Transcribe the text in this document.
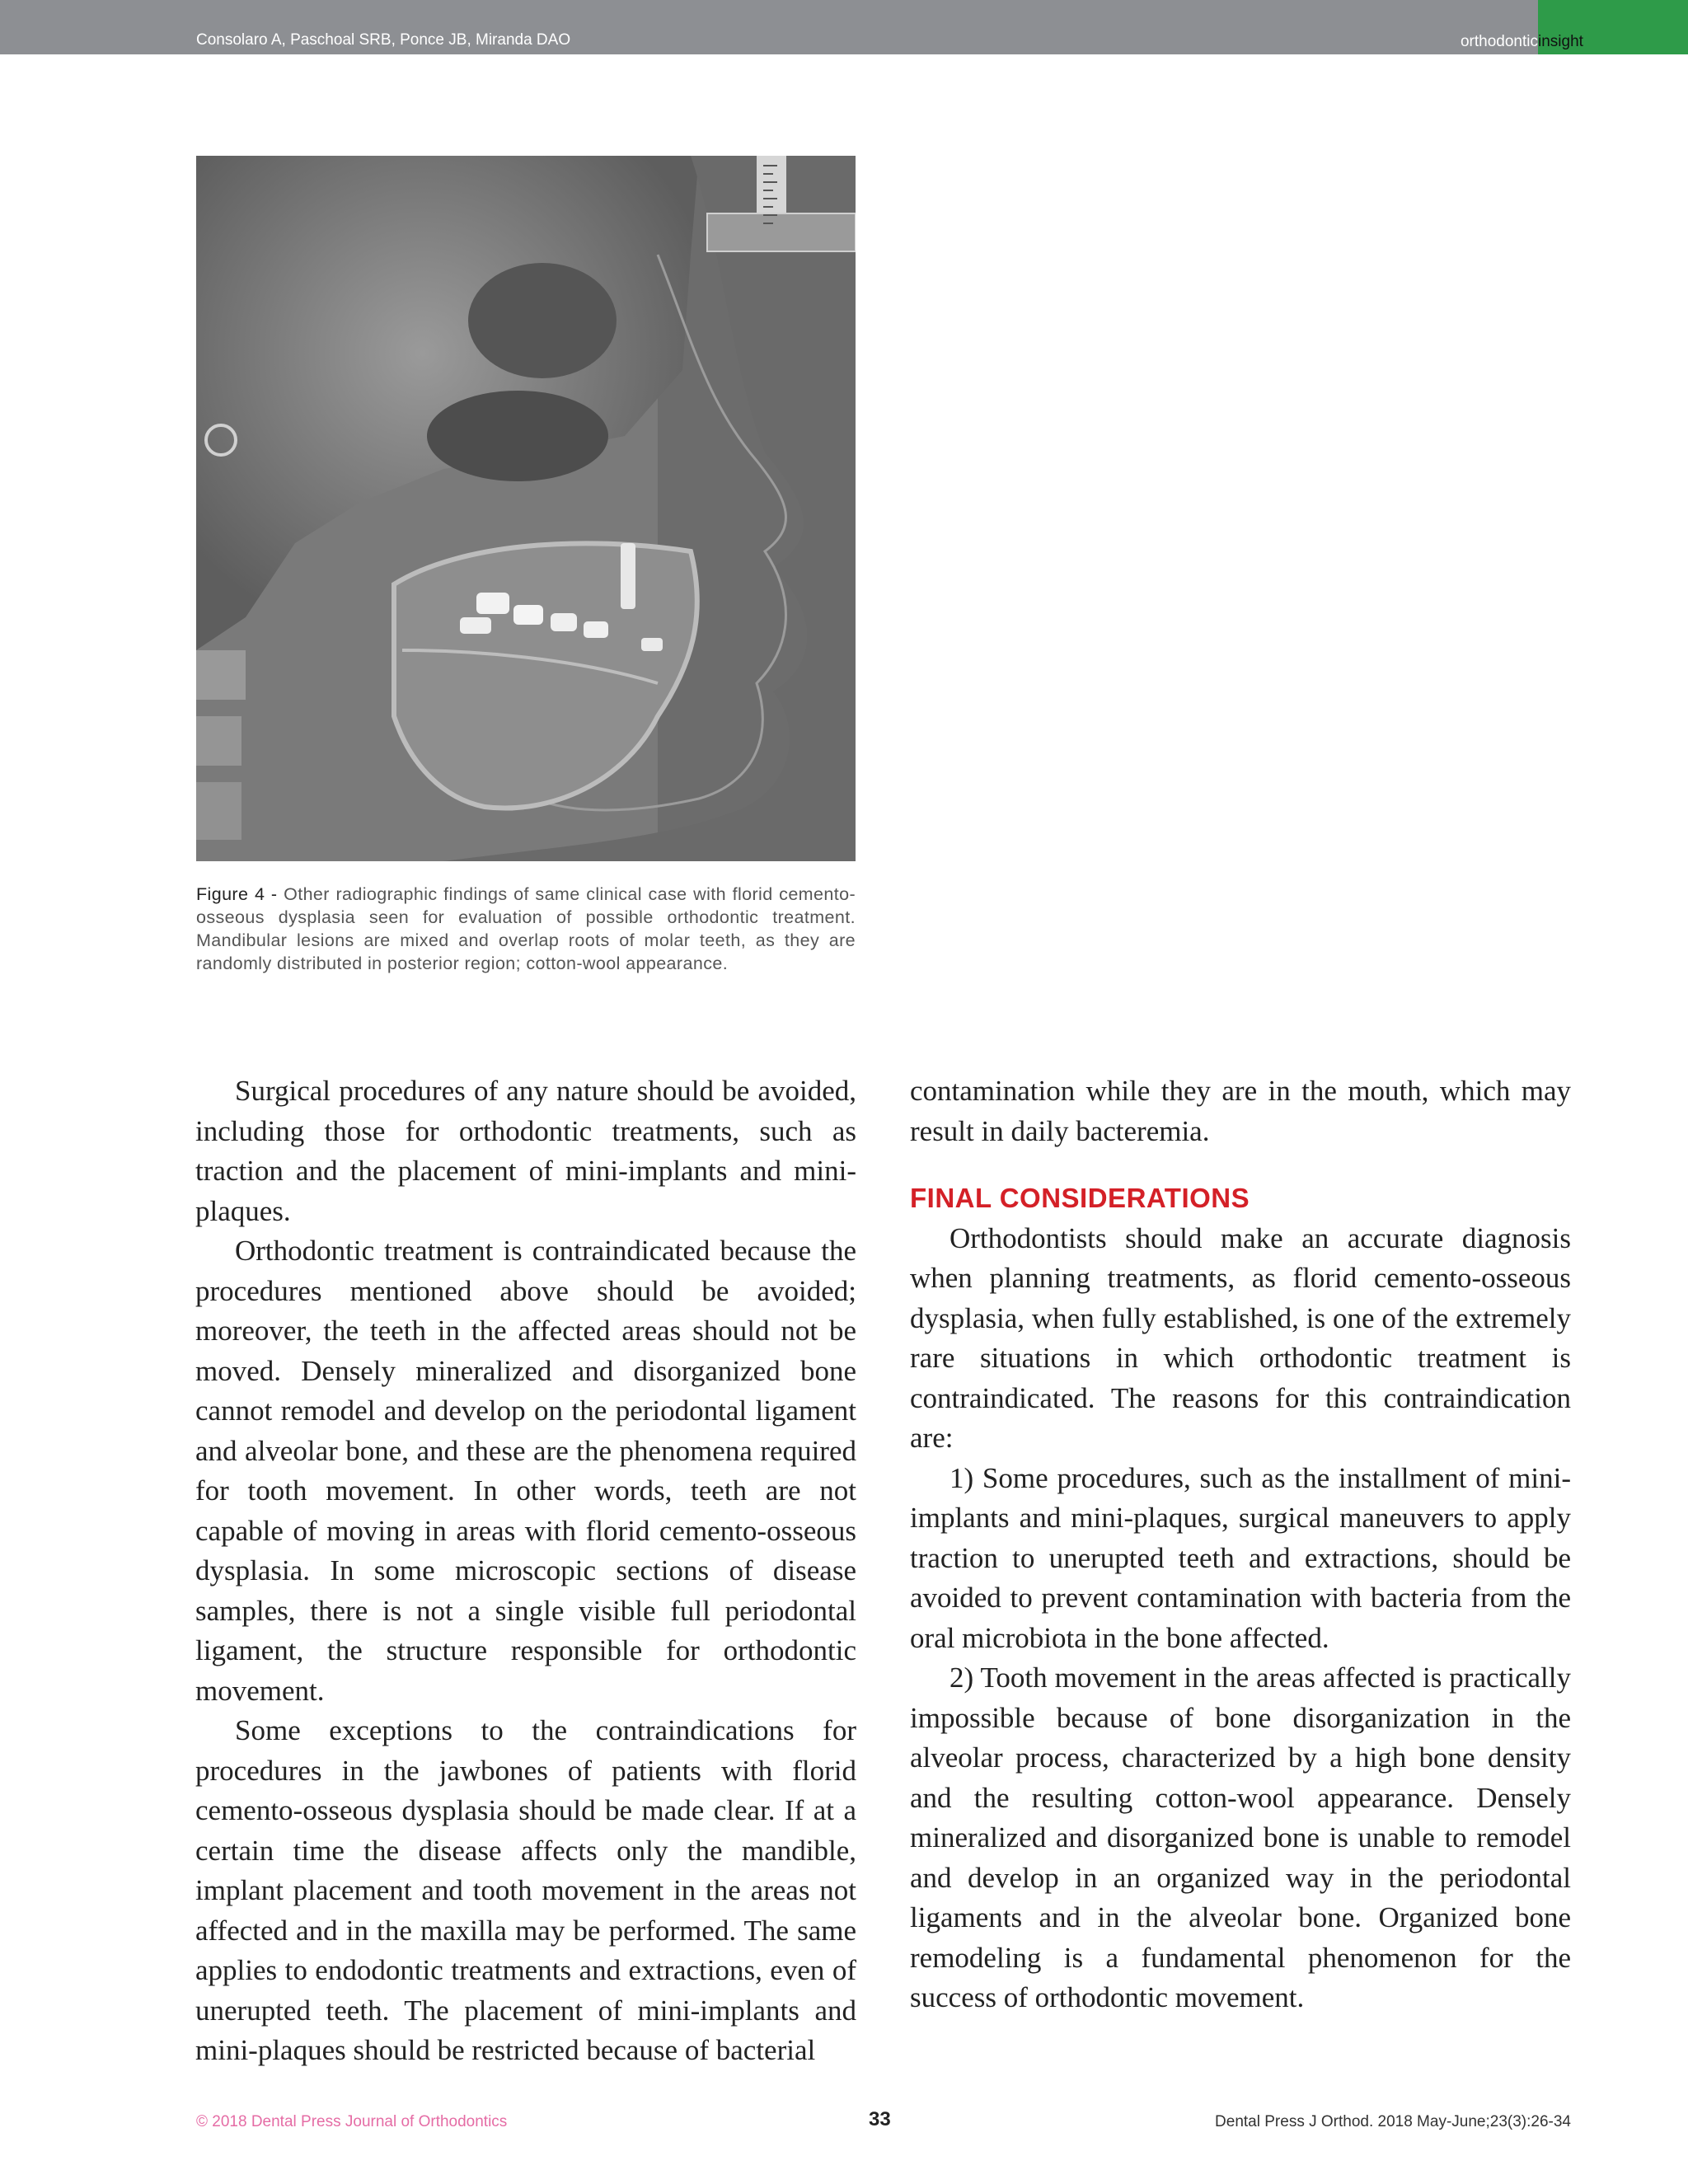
Consolaro A, Paschoal SRB, Ponce JB, Miranda DAO	orthodontic insight
Figure 4 - Other radiographic findings of same clinical case with florid cemento-osseous dysplasia seen for evaluation of possible orthodontic treatment. Mandibular lesions are mixed and overlap roots of molar teeth, as they are randomly distributed in posterior region; cotton-wool appearance.

Surgical procedures of any nature should be avoided, including those for orthodontic treatments, such as traction and the placement of mini-implants and mini-plaques.

Orthodontic treatment is contraindicated because the procedures mentioned above should be avoided; moreover, the teeth in the affected areas should not be moved. Densely mineralized and disorganized bone cannot remodel and develop on the periodontal ligament and alveolar bone, and these are the phenomena required for tooth movement. In other words, teeth are not capable of moving in areas with florid cemento-osseous dysplasia. In some microscopic sections of disease samples, there is not a single visible full periodontal ligament, the structure responsible for orthodontic movement.

Some exceptions to the contraindications for procedures in the jawbones of patients with florid cemento-osseous dysplasia should be made clear. If at a certain time the disease affects only the mandible, implant placement and tooth movement in the areas not affected and in the maxilla may be performed. The same applies to endodontic treatments and extractions, even of unerupted teeth. The placement of mini-implants and mini-plaques should be restricted because of bacterial

contamination while they are in the mouth, which may result in daily bacteremia.

FINAL CONSIDERATIONS

Orthodontists should make an accurate diagnosis when planning treatments, as florid cemento-osseous dysplasia, when fully established, is one of the extremely rare situations in which orthodontic treatment is contraindicated. The reasons for this contraindication are:

1) Some procedures, such as the installment of mini-implants and mini-plaques, surgical maneuvers to apply traction to unerupted teeth and extractions, should be avoided to prevent contamination with bacteria from the oral microbiota in the bone affected.

2) Tooth movement in the areas affected is practically impossible because of bone disorganization in the alveolar process, characterized by a high bone density and the resulting cotton-wool appearance. Densely mineralized and disorganized bone is unable to remodel and develop in an organized way in the periodontal ligaments and in the alveolar bone. Organized bone remodeling is a fundamental phenomenon for the success of orthodontic movement.

© 2018 Dental Press Journal of Orthodontics	33	Dental Press J Orthod. 2018 May-June;23(3):26-34
